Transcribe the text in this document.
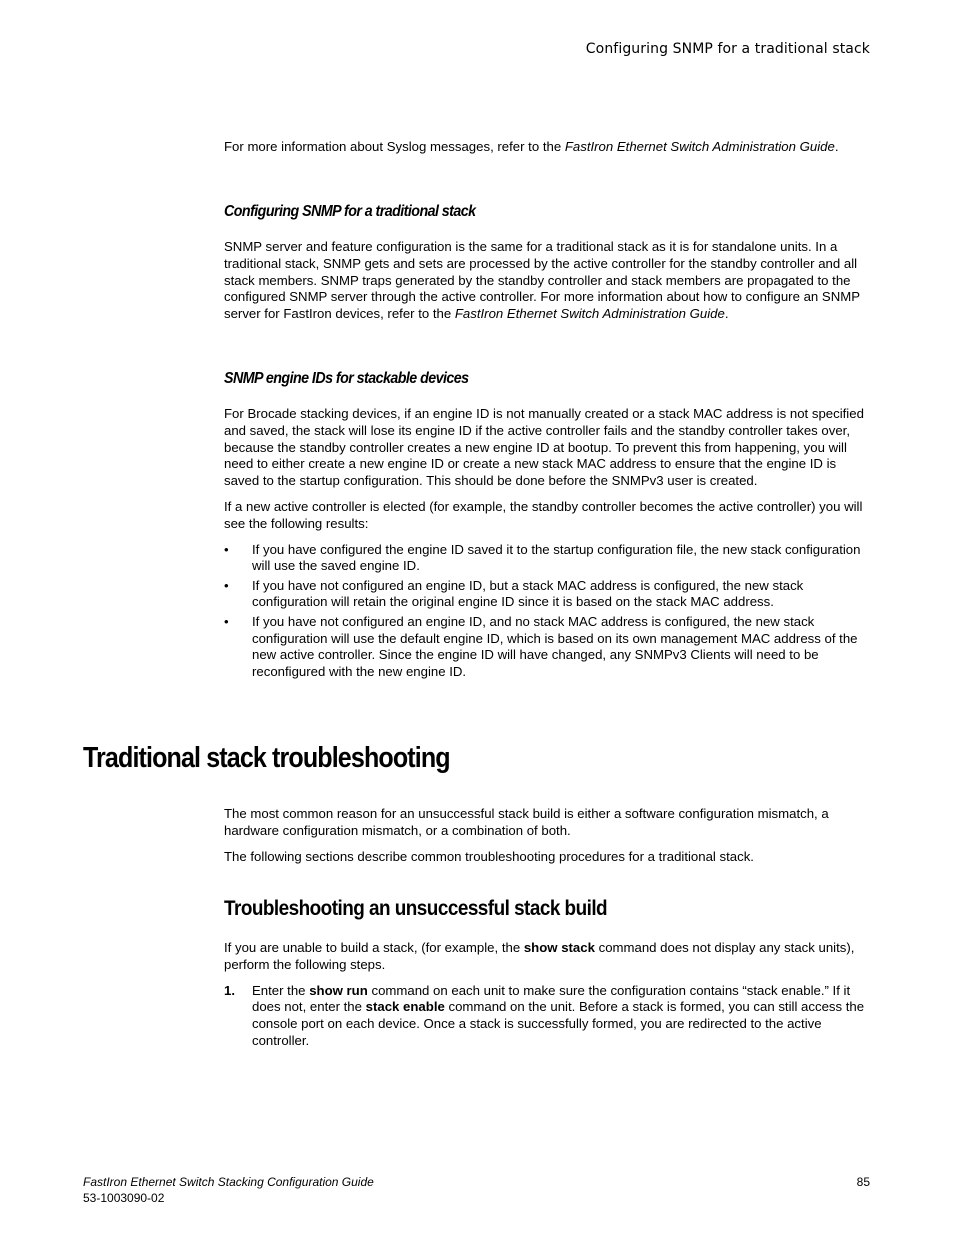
Configuring SNMP for a traditional stack

For more information about Syslog messages, refer to the FastIron Ethernet Switch Administration Guide.

Configuring SNMP for a traditional stack

SNMP server and feature configuration is the same for a traditional stack as it is for standalone units. In a traditional stack, SNMP gets and sets are processed by the active controller for the standby controller and all stack members. SNMP traps generated by the standby controller and stack members are propagated to the configured SNMP server through the active controller. For more information about how to configure an SNMP server for FastIron devices, refer to the FastIron Ethernet Switch Administration Guide.

SNMP engine IDs for stackable devices

For Brocade stacking devices, if an engine ID is not manually created or a stack MAC address is not specified and saved, the stack will lose its engine ID if the active controller fails and the standby controller takes over, because the standby controller creates a new engine ID at bootup. To prevent this from happening, you will need to either create a new engine ID or create a new stack MAC address to ensure that the engine ID is saved to the startup configuration. This should be done before the SNMPv3 user is created.

If a new active controller is elected (for example, the standby controller becomes the active controller) you will see the following results:

• If you have configured the engine ID saved it to the startup configuration file, the new stack configuration will use the saved engine ID.
• If you have not configured an engine ID, but a stack MAC address is configured, the new stack configuration will retain the original engine ID since it is based on the stack MAC address.
• If you have not configured an engine ID, and no stack MAC address is configured, the new stack configuration will use the default engine ID, which is based on its own management MAC address of the new active controller. Since the engine ID will have changed, any SNMPv3 Clients will need to be reconfigured with the new engine ID.
Traditional stack troubleshooting

The most common reason for an unsuccessful stack build is either a software configuration mismatch, a hardware configuration mismatch, or a combination of both.

The following sections describe common troubleshooting procedures for a traditional stack.

Troubleshooting an unsuccessful stack build

If you are unable to build a stack, (for example, the show stack command does not display any stack units), perform the following steps.

1. Enter the show run command on each unit to make sure the configuration contains “stack enable.” If it does not, enter the stack enable command on the unit. Before a stack is formed, you can still access the console port on each device. Once a stack is successfully formed, you are redirected to the active controller.
FastIron Ethernet Switch Stacking Configuration Guide
53-1003090-02
85
